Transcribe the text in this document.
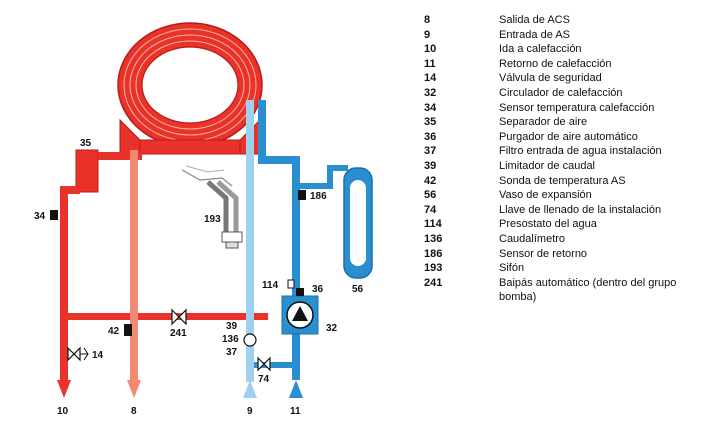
35
34	193
186
114	36	56
42	241
39
136
37
32
14
74
10	8	9	11
8	Salida de ACS
9	Entrada de AS
10	Ida a calefacción
11	Retorno de calefacción
14	Válvula de seguridad
32	Circulador de calefacción
34	Sensor temperatura calefacción
35	Separador de aire
36	Purgador de aire automático
37	Filtro entrada de agua instalación
39	Limitador de caudal
42	Sonda de temperatura AS
56	Vaso de expansión
74	Llave de llenado de la instalación
114	Presostato del agua
136	Caudalímetro
186	Sensor de retorno
193	Sifón
241	Baipás automático (dentro del grupo bomba)
